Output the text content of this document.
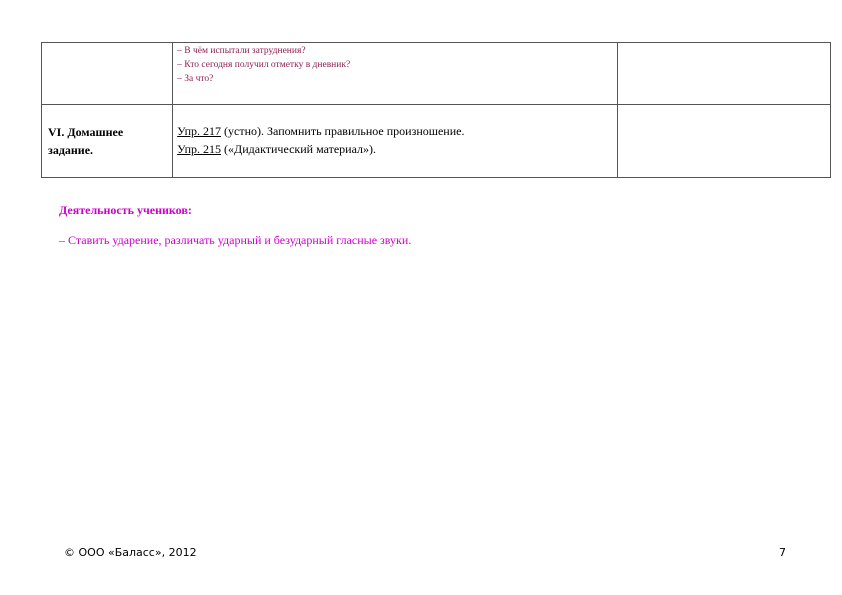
	– В чём испытали затруднения?
– Кто сегодня получил отметку в дневник?
– За что?	

VI. Домашнее задание.	Упр. 217 (устно). Запомнить правильное произношение.
Упр. 215 («Дидактический материал»).	

Деятельность учеников:
– Ставить ударение, различать ударный и безударный гласные звуки.
© ООО «Баласс», 2012	7
